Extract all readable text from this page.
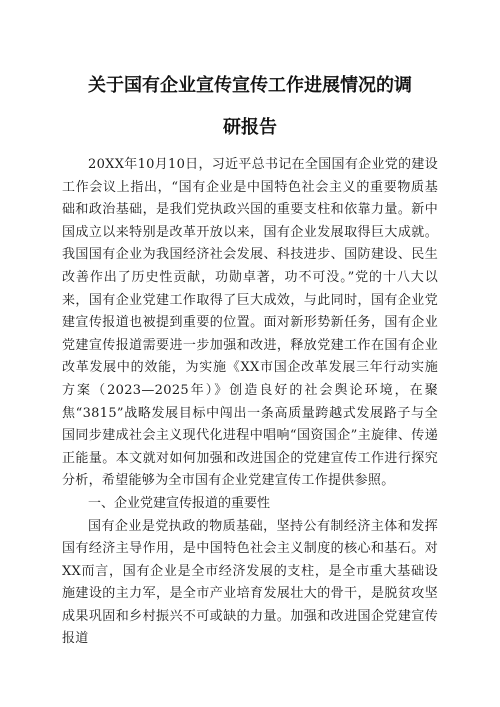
关于国有企业宣传宣传工作进展情况的调
研报告

20XX年10月10日，习近平总书记在全国国有企业党的建设工作会议上指出，“国有企业是中国特色社会主义的重要物质基础和政治基础，是我们党执政兴国的重要支柱和依靠力量。新中国成立以来特别是改革开放以来，国有企业发展取得巨大成就。我国国有企业为我国经济社会发展、科技进步、国防建设、民生改善作出了历史性贡献，功勋卓著，功不可没。”党的十八大以来，国有企业党建工作取得了巨大成效，与此同时，国有企业党建宣传报道也被提到重要的位置。面对新形势新任务，国有企业党建宣传报道需要进一步加强和改进，释放党建工作在国有企业改革发展中的效能，为实施《XX市国企改革发展三年行动实施方案（2023—2025年）》创造良好的社会舆论环境，在聚焦“3815”战略发展目标中闯出一条高质量跨越式发展路子与全国同步建成社会主义现代化进程中唱响“国资国企”主旋律、传递正能量。本文就对如何加强和改进国企的党建宣传工作进行探究分析，希望能够为全市国有企业党建宣传工作提供参照。

一、企业党建宣传报道的重要性

国有企业是党执政的物质基础，坚持公有制经济主体和发挥国有经济主导作用，是中国特色社会主义制度的核心和基石。对XX而言，国有企业是全市经济发展的支柱，是全市重大基础设施建设的主力军，是全市产业培育发展壮大的骨干，是脱贫攻坚成果巩固和乡村振兴不可或缺的力量。加强和改进国企党建宣传报道
